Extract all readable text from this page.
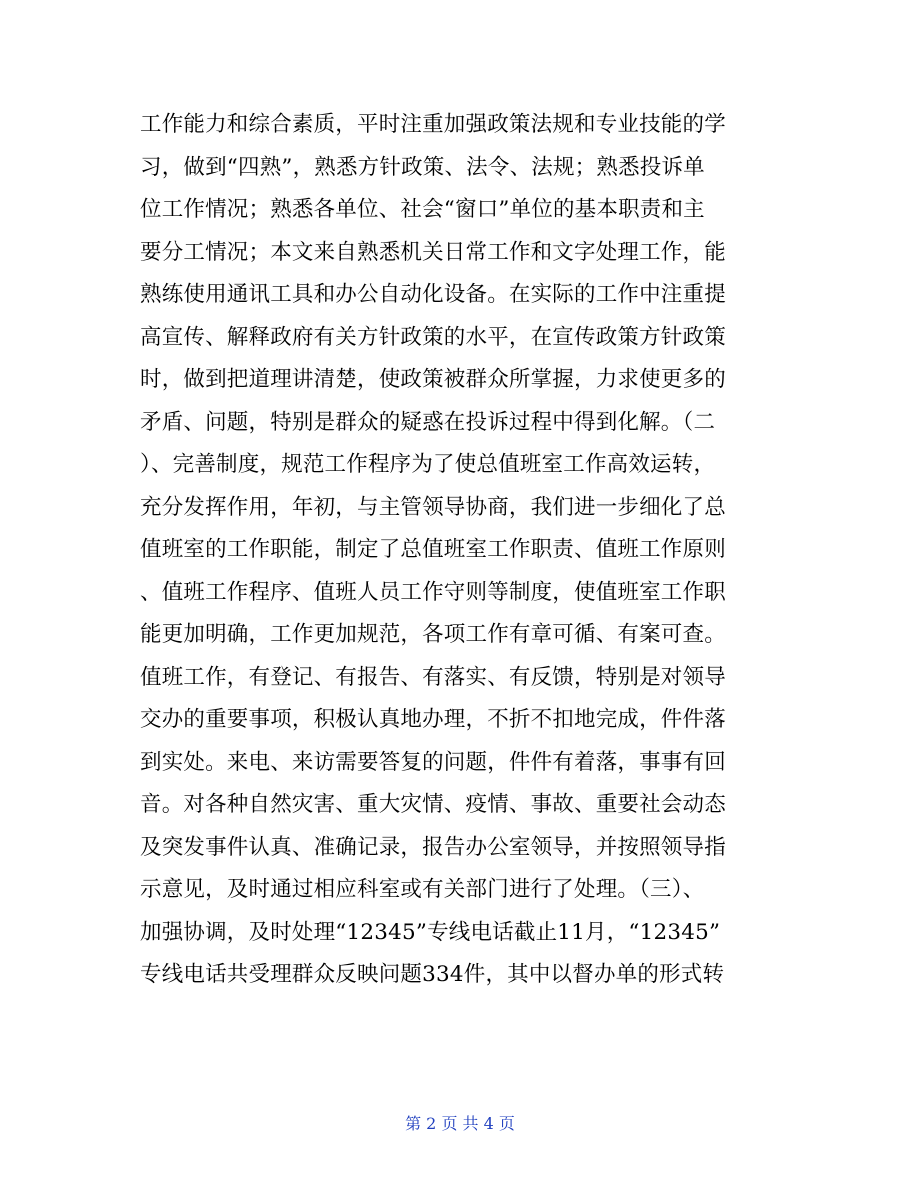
工作能力和综合素质，平时注重加强政策法规和专业技能的学
习，做到“四熟”，熟悉方针政策、法令、法规；熟悉投诉单
位工作情况；熟悉各单位、社会“窗口”单位的基本职责和主
要分工情况；本文来自熟悉机关日常工作和文字处理工作，能
熟练使用通讯工具和办公自动化设备。在实际的工作中注重提
高宣传、解释政府有关方针政策的水平，在宣传政策方针政策
时，做到把道理讲清楚，使政策被群众所掌握，力求使更多的
矛盾、问题，特别是群众的疑惑在投诉过程中得到化解。（二
）、完善制度，规范工作程序为了使总值班室工作高效运转，
充分发挥作用，年初，与主管领导协商，我们进一步细化了总
值班室的工作职能，制定了总值班室工作职责、值班工作原则
、值班工作程序、值班人员工作守则等制度，使值班室工作职
能更加明确，工作更加规范，各项工作有章可循、有案可查。
值班工作，有登记、有报告、有落实、有反馈，特别是对领导
交办的重要事项，积极认真地办理，不折不扣地完成，件件落
到实处。来电、来访需要答复的问题，件件有着落，事事有回
音。对各种自然灾害、重大灾情、疫情、事故、重要社会动态
及突发事件认真、准确记录，报告办公室领导，并按照领导指
示意见，及时通过相应科室或有关部门进行了处理。（三）、
加强协调，及时处理“12345”专线电话截止11月，“12345”
专线电话共受理群众反映问题334件，其中以督办单的形式转
第 2 页 共 4 页
